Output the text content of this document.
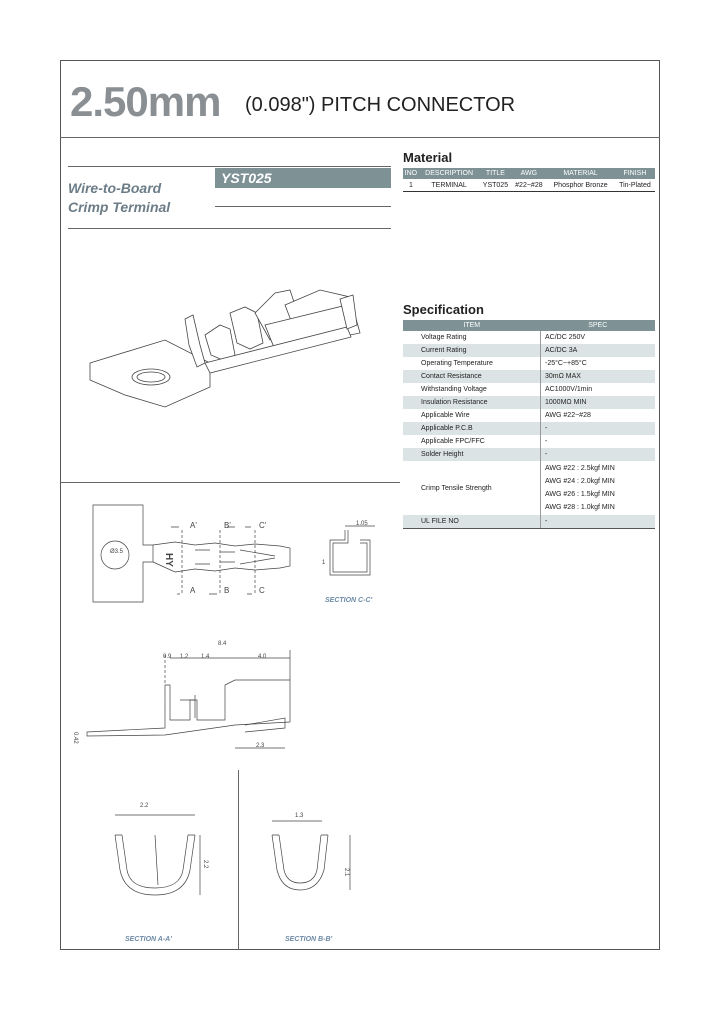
2.50mm (0.098") PITCH CONNECTOR
Wire-to-Board
Crimp Terminal
YST025
Material
INO	DESCRIPTION	TITLE	AWG	MATERIAL	FINISH
1	TERMINAL	YST025	#22~#28	Phosphor Bronze	Tin-Plated
Specification
ITEM	SPEC
Voltage Rating	AC/DC 250V
Current Rating	AC/DC 3A
Operating Temperature	-25°C~+85°C
Contact Resistance	30mΩ MAX
Withstanding Voltage	AC1000V/1min
Insulation Resistance	1000MΩ MIN
Applicable Wire	AWG #22~#28
Applicable P.C.B	-
Applicable FPC/FFC	-
Solder Height	-
Crimp Tensile Strength	AWG #22 : 2.5kgf MIN
AWG #24 : 2.0kgf MIN
AWG #26 : 1.5kgf MIN
AWG #28 : 1.0kgf MIN

UL FILE NO	-
Ø3.5
HY
A'	B'	C'
A	B	C
1.05
1
SECTION C-C'
8.4
0.9 1.2 1.4	4.0
0.42
2.3
2.2
2.2
SECTION A-A'
1.3
2.1
SECTION B-B'
